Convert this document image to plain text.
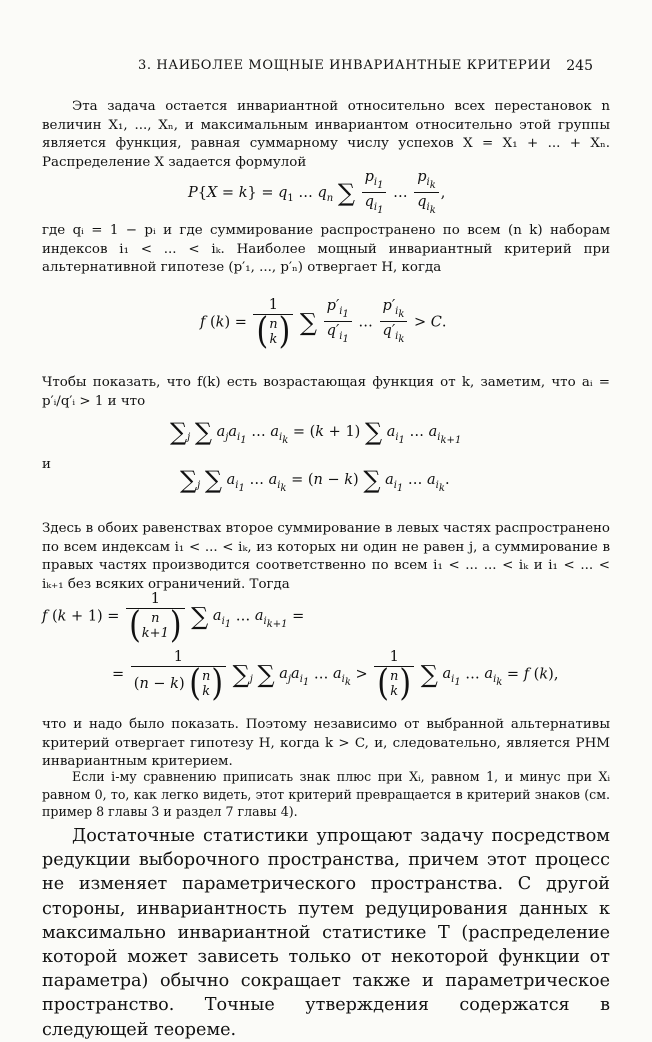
3. НАИБОЛЕЕ МОЩНЫЕ ИНВАРИАНТНЫЕ КРИТЕРИИ 245

Эта задача остается инвариантной относительно всех перестановок n величин X₁, ..., Xₙ, и максимальным инвариантом относительно этой группы является функция, равная суммарному числу успехов X = X₁ + ... + Xₙ. Распределение X задается формулой

$P\{X = k\} = q_1$ … $q_n$ ∑ $\frac{p_{i_1}}{q_{i_1}}$ … $\frac{p_{i_k}}{q_{i_k}}$ ,

где qᵢ = 1 − pᵢ и где суммирование распространено по всем (n k) наборам индексов i₁ < ... < iₖ. Наиболее мощный инвариантный критерий при альтернативной гипотезе (p′₁, ..., p′ₙ) отвергает H, когда

f (k) =
1
(n
k) ∑ $\frac{p'_{i_1}}{q'_{i_1}}$ … $\frac{p'_{i_k}}{q'_{i_k}} > C$.

Чтобы показать, что f(k) есть возрастающая функция от k, заметим, что aᵢ = p′ᵢ/q′ᵢ > 1 и что

$\sum_j$ ∑ $a_ja_{i_1}$ … $a_{i_k} = (k + 1)$ ∑ $a_{i_1}$ … $a_{i_{k+1}}$
и
$\sum_j$ ∑ $a_{i_1}$ … $a_{i_k} = (n - k)$ ∑ $a_{i_1}$ … $a_{i_k}$.

Здесь в обоих равенствах второе суммирование в левых частях распространено по всем индексам i₁ < ... < iₖ, из которых ни один не равен j, а суммирование в правых частях производится соответственно по всем i₁ < ... ... < iₖ и i₁ < ... < iₖ₊₁ без всяких ограничений. Тогда

f (k + 1) =
1
( n
k+1) ∑ $a_{i_1}$ … $a_{i_{k+1}}$ =
=
1
(n − k) (n
k) $\sum_j$ ∑ $a_ja_{i_1}$ … $a_{i_k}$ >
1
(n
k) ∑ $a_{i_1}$ … $a_{i_k} = f$ (k),

что и надо было показать. Поэтому независимо от выбранной альтернативы критерий отвергает гипотезу H, когда k > C, и, следовательно, является PHM инвариантным критерием.

Если i-му сравнению приписать знак плюс при Xᵢ, равном 1, и минус при Xᵢ равном 0, то, как легко видеть, этот критерий превращается в критерий знаков (см. пример 8 главы 3 и раздел 7 главы 4).

Достаточные статистики упрощают задачу посредством редукции выборочного пространства, причем этот процесс не изменяет параметрического пространства. С другой стороны, инвариантность путем редуцирования данных к максимально инвариантной статистике T (распределение которой может зависеть только от некоторой функции от параметра) обычно сокращает также и параметрическое пространство. Точные утверждения содержатся в следующей теореме.
